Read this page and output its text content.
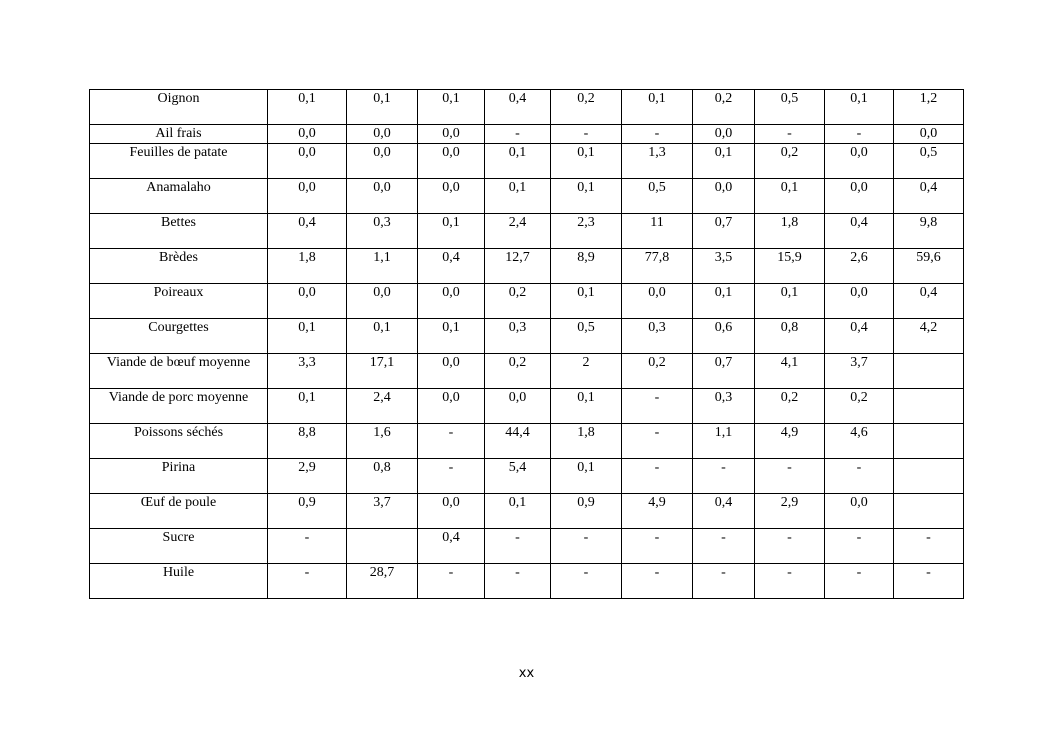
Oignon	0,1	0,1	0,1	0,4	0,2	0,1	0,2	0,5	0,1	1,2
Ail frais	0,0	0,0	0,0	-	-	-	0,0	-	-	0,0
Feuilles de patate	0,0	0,0	0,0	0,1	0,1	1,3	0,1	0,2	0,0	0,5
Anamalaho	0,0	0,0	0,0	0,1	0,1	0,5	0,0	0,1	0,0	0,4
Bettes	0,4	0,3	0,1	2,4	2,3	11	0,7	1,8	0,4	9,8
Brèdes	1,8	1,1	0,4	12,7	8,9	77,8	3,5	15,9	2,6	59,6
Poireaux	0,0	0,0	0,0	0,2	0,1	0,0	0,1	0,1	0,0	0,4
Courgettes	0,1	0,1	0,1	0,3	0,5	0,3	0,6	0,8	0,4	4,2
Viande de bœuf moyenne	3,3	17,1	0,0	0,2	2	0,2	0,7	4,1	3,7	
Viande de porc moyenne	0,1	2,4	0,0	0,0	0,1	-	0,3	0,2	0,2	
Poissons séchés	8,8	1,6	-	44,4	1,8	-	1,1	4,9	4,6	
Pirina	2,9	0,8	-	5,4	0,1	-	-	-	-	
Œuf de poule	0,9	3,7	0,0	0,1	0,9	4,9	0,4	2,9	0,0	
Sucre	-		0,4	-	-	-	-	-	-	-
Huile	-	28,7	-	-	-	-	-	-	-	-
xx
